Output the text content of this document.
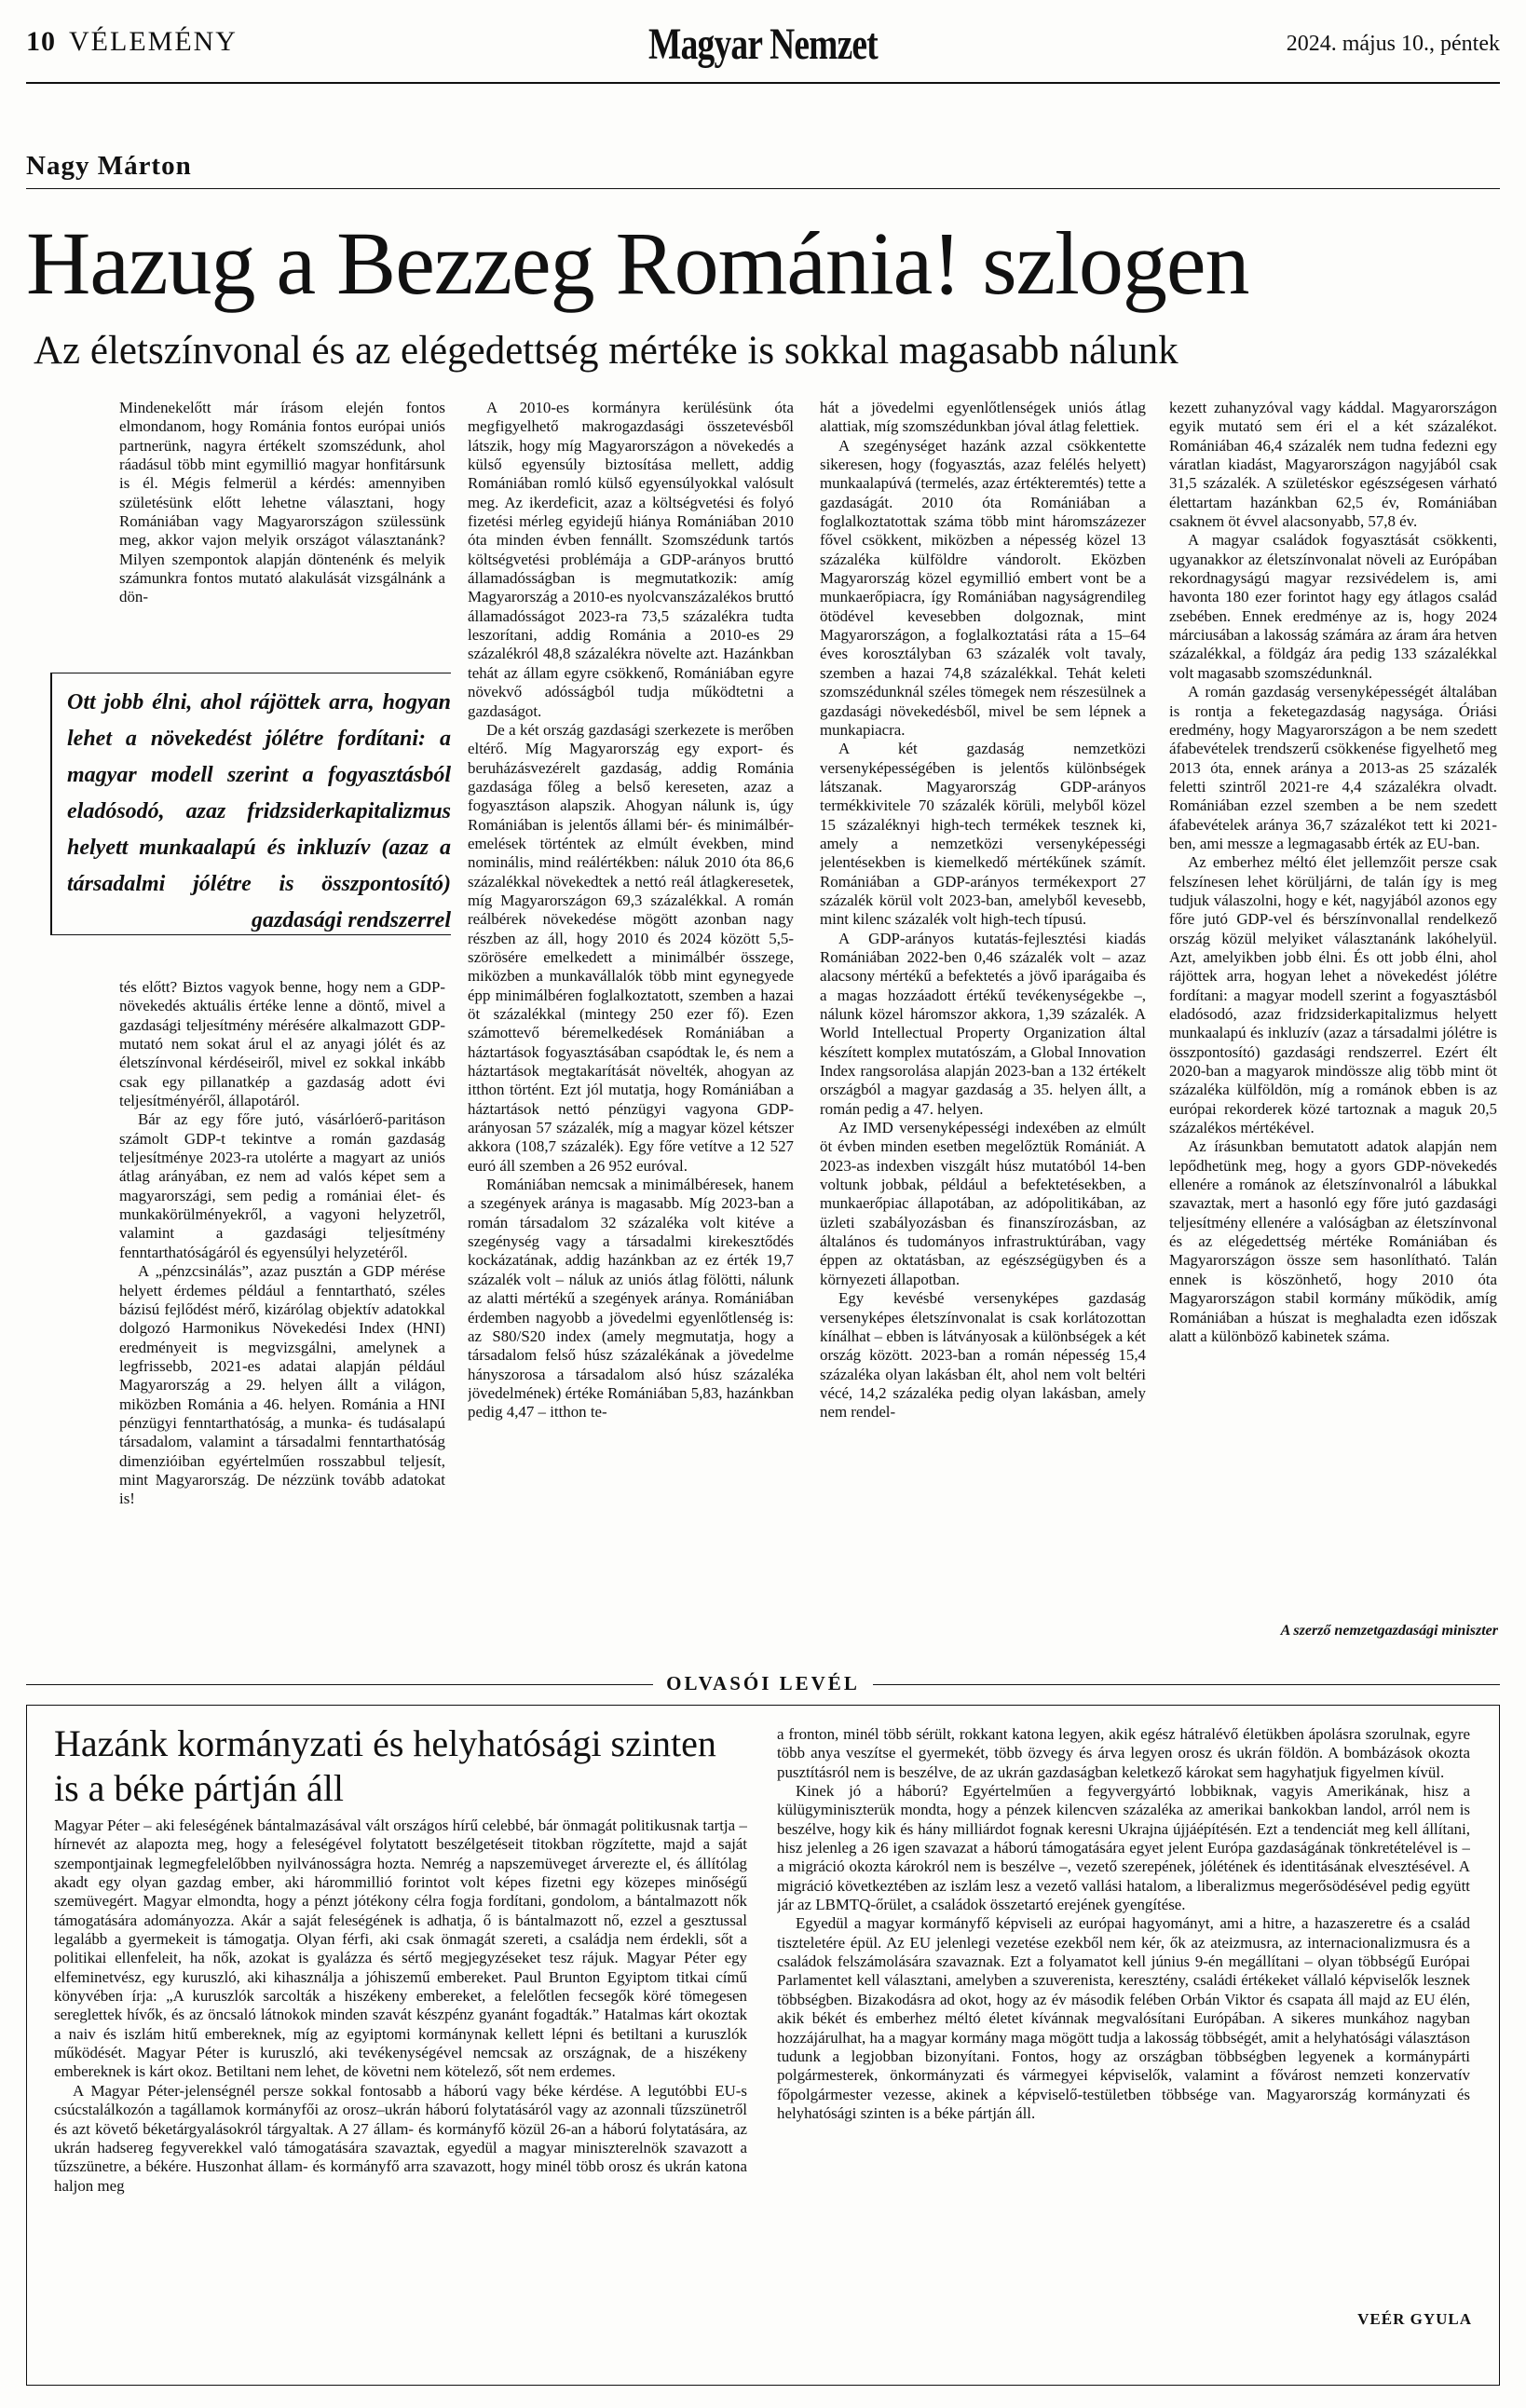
10 VÉLEMÉNY	Magyar Nemzet	2024. május 10., péntek
Nagy Márton
Hazug a Bezzeg Románia! szlogen
Az életszínvonal és az elégedettség mértéke is sokkal magasabb nálunk

Mindenekelőtt már írásom elején fontos elmondanom, hogy Románia fontos európai uniós partnerünk, nagyra értékelt szomszédunk, ahol ráadásul több mint egymillió magyar honfitársunk is él. Mégis felmerül a kérdés: amennyiben születésünk előtt lehetne választani, hogy Romániában vagy Magyarországon szülessünk meg, akkor vajon melyik országot választanánk? Milyen szempontok alapján döntenénk és melyik számunkra fontos mutató alakulását vizsgálnánk a dön-

Ott jobb élni, ahol rájöttek arra, hogyan lehet a növekedést jólétre fordítani: a magyar modell szerint a fogyasztásból eladósodó, azaz fridzsiderkapitalizmus helyett munkaalapú és inkluzív (azaz a társadalmi jólétre is összpontosító) gazdasági rendszerrel

tés előtt? Biztos vagyok benne, hogy nem a GDP-növekedés aktuális értéke lenne a döntő, mivel a gazdasági teljesítmény mérésére alkalmazott GDP-mutató nem sokat árul el az anyagi jólét és az életszínvonal kérdéseiről, mivel ez sokkal inkább csak egy pillanatkép a gazdaság adott évi teljesítményéről, állapotáról.

Bár az egy főre jutó, vásárlóerő-paritáson számolt GDP-t tekintve a román gazdaság teljesítménye 2023-ra utolérte a magyart az uniós átlag arányában, ez nem ad valós képet sem a magyarországi, sem pedig a romániai élet- és munkakörülményekről, a vagyoni helyzetről, valamint a gazdasági teljesítmény fenntarthatóságáról és egyensúlyi helyzetéről.

A „pénzcsinálás”, azaz pusztán a GDP mérése helyett érdemes például a fenntartható, széles bázisú fejlődést mérő, kizárólag objektív adatokkal dolgozó Harmonikus Növekedési Index (HNI) eredményeit is megvizsgálni, amelynek a legfrissebb, 2021-es adatai alapján például Magyarország a 29. helyen állt a világon, miközben Románia a 46. helyen. Románia a HNI pénzügyi fenntarthatóság, a munka- és tudásalapú társadalom, valamint a társadalmi fenntarthatóság dimenzióiban egyértelműen rosszabbul teljesít, mint Magyarország. De nézzünk tovább adatokat is!

A 2010-es kormányra kerülésünk óta megfigyelhető makrogazdasági összetevésből látszik, hogy míg Magyarországon a növekedés a külső egyensúly biztosítása mellett, addig Romániában romló külső egyensúlyokkal valósult meg. Az ikerdeficit, azaz a költségvetési és folyó fizetési mérleg egyidejű hiánya Romániában 2010 óta minden évben fennállt. Szomszédunk tartós költségvetési problémája a GDP-arányos bruttó államadósságban is megmutatkozik: amíg Magyarország a 2010-es nyolcvanszázalékos bruttó államadósságot 2023-ra 73,5 százalékra tudta leszorítani, addig Románia a 2010-es 29 százalékról 48,8 százalékra növelte azt. Hazánkban tehát az állam egyre csökkenő, Romániában egyre növekvő adósságból tudja működtetni a gazdaságot.

De a két ország gazdasági szerkezete is merőben eltérő. Míg Magyarország egy export- és beruházásvezérelt gazdaság, addig Románia gazdasága főleg a belső kereseten, azaz a fogyasztáson alapszik. Ahogyan nálunk is, úgy Romániában is jelentős állami bér- és minimálbér-emelések történtek az elmúlt években, mind nominális, mind reálértékben: náluk 2010 óta 86,6 százalékkal növekedtek a nettó reál átlagkeresetek, míg Magyarországon 69,3 százalékkal. A román reálbérek növekedése mögött azonban nagy részben az áll, hogy 2010 és 2024 között 5,5-szörösére emelkedett a minimálbér összege, miközben a munkavállalók több mint egynegyede épp minimálbéren foglalkoztatott, szemben a hazai öt százalékkal (mintegy 250 ezer fő). Ezen számottevő béremelkedések Romániában a háztartások fogyasztásában csapódtak le, és nem a háztartások megtakarítását növelték, ahogyan az itthon történt. Ezt jól mutatja, hogy Romániában a háztartások nettó pénzügyi vagyona GDP-arányosan 57 százalék, míg a magyar közel kétszer akkora (108,7 százalék). Egy főre vetítve a 12 527 euró áll szemben a 26 952 euróval.

Romániában nemcsak a minimálbéresek, hanem a szegények aránya is magasabb. Míg 2023-ban a román társadalom 32 százaléka volt kitéve a szegénység vagy a társadalmi kirekesztődés kockázatának, addig hazánkban az ez érték 19,7 százalék volt – náluk az uniós átlag fölötti, nálunk az alatti mértékű a szegények aránya. Romániában érdemben nagyobb a jövedelmi egyenlőtlenség is: az S80/S20 index (amely megmutatja, hogy a társadalom felső húsz százalékának a jövedelme hányszorosa a társadalom alsó húsz százaléka jövedelmének) értéke Romániában 5,83, hazánkban pedig 4,47 – itthon te-

hát a jövedelmi egyenlőtlenségek uniós átlag alattiak, míg szomszédunkban jóval átlag felettiek.

A szegénységet hazánk azzal csökkentette sikeresen, hogy (fogyasztás, azaz felélés helyett) munkaalapúvá (termelés, azaz értékteremtés) tette a gazdaságát. 2010 óta Romániában a foglalkoztatottak száma több mint háromszázezer fővel csökkent, miközben a népesség közel 13 százaléka külföldre vándorolt. Eközben Magyarország közel egymillió embert vont be a munkaerőpiacra, így Romániában nagyságrendileg ötödével kevesebben dolgoznak, mint Magyarországon, a foglalkoztatási ráta a 15–64 éves korosztályban 63 százalék volt tavaly, szemben a hazai 74,8 százalékkal. Tehát keleti szomszédunknál széles tömegek nem részesülnek a gazdasági növekedésből, mivel be sem lépnek a munkapiacra.

A két gazdaság nemzetközi versenyképességében is jelentős különbségek látszanak. Magyarország GDP-arányos termékkivitele 70 százalék körüli, melyből közel 15 százaléknyi high-tech termékek tesznek ki, amely a nemzetközi versenyképességi jelentésekben is kiemelkedő mértékűnek számít. Romániában a GDP-arányos termékexport 27 százalék körül volt 2023-ban, amelyből kevesebb, mint kilenc százalék volt high-tech típusú.

A GDP-arányos kutatás-fejlesztési kiadás Romániában 2022-ben 0,46 százalék volt – azaz alacsony mértékű a befektetés a jövő iparágaiba és a magas hozzáadott értékű tevékenységekbe –, nálunk közel háromszor akkora, 1,39 százalék. A World Intellectual Property Organization által készített komplex mutatószám, a Global Innovation Index rangsorolása alapján 2023-ban a 132 értékelt országból a magyar gazdaság a 35. helyen állt, a román pedig a 47. helyen.

Az IMD versenyképességi indexében az elmúlt öt évben minden esetben megelőztük Romániát. A 2023-as indexben viszgált húsz mutatóból 14-ben voltunk jobbak, például a befektetésekben, a munkaerőpiac állapotában, az adópolitikában, az üzleti szabályozásban és finanszírozásban, az általános és tudományos infrastruktúrában, vagy éppen az oktatásban, az egészségügyben és a környezeti állapotban.

Egy kevésbé versenyképes gazdaság versenyképes életszínvonalat is csak korlátozottan kínálhat – ebben is látványosak a különbségek a két ország között. 2023-ban a román népesség 15,4 százaléka olyan lakásban élt, ahol nem volt beltéri vécé, 14,2 százaléka pedig olyan lakásban, amely nem rendel-

kezett zuhanyzóval vagy káddal. Magyarországon egyik mutató sem éri el a két százalékot. Romániában 46,4 százalék nem tudna fedezni egy váratlan kiadást, Magyarországon nagyjából csak 31,5 százalék. A születéskor egészségesen várható élettartam hazánkban 62,5 év, Romániában csaknem öt évvel alacsonyabb, 57,8 év.

A magyar családok fogyasztását csökkenti, ugyanakkor az életszínvonalat növeli az Európában rekordnagyságú magyar rezsivédelem is, ami havonta 180 ezer forintot hagy egy átlagos család zsebében. Ennek eredménye az is, hogy 2024 márciusában a lakosság számára az áram ára hetven százalékkal, a földgáz ára pedig 133 százalékkal volt magasabb szomszédunknál.

A román gazdaság versenyképességét általában is rontja a feketegazdaság nagysága. Óriási eredmény, hogy Magyarországon a be nem szedett áfabevételek trendszerű csökkenése figyelhető meg 2013 óta, ennek aránya a 2013-as 25 százalék feletti szintről 2021-re 4,4 százalékra olvadt. Romániában ezzel szemben a be nem szedett áfabevételek aránya 36,7 százalékot tett ki 2021-ben, ami messze a legmagasabb érték az EU-ban.

Az emberhez méltó élet jellemzőit persze csak felszínesen lehet körüljárni, de talán így is meg tudjuk válaszolni, hogy e két, nagyjából azonos egy főre jutó GDP-vel és bérszínvonallal rendelkező ország közül melyiket választanánk lakóhelyül. Azt, amelyikben jobb élni. És ott jobb élni, ahol rájöttek arra, hogyan lehet a növekedést jólétre fordítani: a magyar modell szerint a fogyasztásból eladósodó, azaz fridzsiderkapitalizmus helyett munkaalapú és inkluzív (azaz a társadalmi jólétre is összpontosító) gazdasági rendszerrel. Ezért élt 2020-ban a magyarok mindössze alig több mint öt százaléka külföldön, míg a románok ebben is az európai rekorderek közé tartoznak a maguk 20,5 százalékos mértékével.

Az írásunkban bemutatott adatok alapján nem lepődhetünk meg, hogy a gyors GDP-növekedés ellenére a románok az életszínvonalról a lábukkal szavaztak, mert a hasonló egy főre jutó gazdasági teljesítmény ellenére a valóságban az életszínvonal és az elégedettség mértéke Romániában és Magyarországon össze sem hasonlítható. Talán ennek is köszönhető, hogy 2010 óta Magyarországon stabil kormány működik, amíg Romániában a húszat is meghaladta ezen időszak alatt a különböző kabinetek száma.

A szerző nemzetgazdasági miniszter
OLVASÓI LEVÉL
Hazánk kormányzati és helyhatósági szinten is a béke pártján áll

Magyar Péter – aki feleségének bántalmazásával vált országos hírű celebbé, bár önmagát politikusnak tartja – hírnevét az alapozta meg, hogy a feleségével folytatott beszélgetéseit titokban rögzítette, majd a saját szempontjainak legmegfelelőbben nyilvánosságra hozta. Nemrég a napszemüveget árverezte el, és állítólag akadt egy olyan gazdag ember, aki hárommillió forintot volt képes fizetni egy közepes minőségű szemüvegért. Magyar elmondta, hogy a pénzt jótékony célra fogja fordítani, gondolom, a bántalmazott nők támogatására adományozza. Akár a saját feleségének is adhatja, ő is bántalmazott nő, ezzel a gesztussal legalább a gyermekeit is támogatja. Olyan férfi, aki csak önmagát szereti, a családja nem érdekli, sőt a politikai ellenfeleit, ha nők, azokat is gyalázza és sértő megjegyzéseket tesz rájuk. Magyar Péter egy elfeminetvész, egy kuruszló, aki kihasználja a jóhiszemű embereket. Paul Brunton Egyiptom titkai című könyvében írja: „A kuruszlók sarcolták a hiszékeny embereket, a felelőtlen fecsegők köré tömegesen sereglettek hívők, és az öncsaló látnokok minden szavát készpénz gyanánt fogadták.” Hatalmas kárt okoztak a naiv és iszlám hitű embereknek, míg az egyiptomi kormánynak kellett lépni és betiltani a kuruszlók működését. Magyar Péter is kuruszló, aki tevékenységével nemcsak az országnak, de a hiszékeny embereknek is kárt okoz. Betiltani nem lehet, de követni nem kötelező, sőt nem erdemes.

A Magyar Péter-jelenségnél persze sokkal fontosabb a háború vagy béke kérdése. A legutóbbi EU-s csúcstalálkozón a tagállamok kormányfői az orosz–ukrán háború folytatásáról vagy az azonnali tűzszünetről és azt követő béketárgyalásokról tárgyaltak. A 27 állam- és kormányfő közül 26-an a háború folytatására, az ukrán hadsereg fegyverekkel való támogatására szavaztak, egyedül a magyar miniszterelnök szavazott a tűzszünetre, a békére. Huszonhat állam- és kormányfő arra szavazott, hogy minél több orosz és ukrán katona haljon meg

a fronton, minél több sérült, rokkant katona legyen, akik egész hátralévő életükben ápolásra szorulnak, egyre több anya veszítse el gyermekét, több özvegy és árva legyen orosz és ukrán földön. A bombázások okozta pusztításról nem is beszélve, de az ukrán gazdaságban keletkező károkat sem hagyhatjuk figyelmen kívül.

Kinek jó a háború? Egyértelműen a fegyvergyártó lobbiknak, vagyis Amerikának, hisz a külügyminiszterük mondta, hogy a pénzek kilencven százaléka az amerikai bankokban landol, arról nem is beszélve, hogy kik és hány milliárdot fognak keresni Ukrajna újjáépítésén. Ezt a tendenciát meg kell állítani, hisz jelenleg a 26 igen szavazat a háború támogatására egyet jelent Európa gazdaságának tönkretételével is – a migráció okozta károkról nem is beszélve –, vezető szerepének, jólétének és identitásának elvesztésével. A migráció következtében az iszlám lesz a vezető vallási hatalom, a liberalizmus megerősödésével pedig együtt jár az LBMTQ-őrület, a családok összetartó erejének gyengítése.

Egyedül a magyar kormányfő képviseli az európai hagyományt, ami a hitre, a hazaszeretre és a család tiszteletére épül. Az EU jelenlegi vezetése ezekből nem kér, ők az ateizmusra, az internacionalizmusra és a családok felszámolására szavaznak. Ezt a folyamatot kell június 9-én megállítani – olyan többségű Európai Parlamentet kell választani, amelyben a szuverenista, keresztény, családi értékeket vállaló képviselők lesznek többségben. Bizakodásra ad okot, hogy az év második felében Orbán Viktor és csapata áll majd az EU élén, akik békét és emberhez méltó életet kívánnak megvalósítani Európában. A sikeres munkához nagyban hozzájárulhat, ha a magyar kormány maga mögött tudja a lakosság többségét, amit a helyhatósági választáson tudunk a legjobban bizonyítani. Fontos, hogy az országban többségben legyenek a kormánypárti polgármesterek, önkormányzati és vármegyei képviselők, valamint a fővárost nemzeti konzervatív főpolgármester vezesse, akinek a képviselő-testületben többsége van. Magyarország kormányzati és helyhatósági szinten is a béke pártján áll.

VEÉR GYULA
